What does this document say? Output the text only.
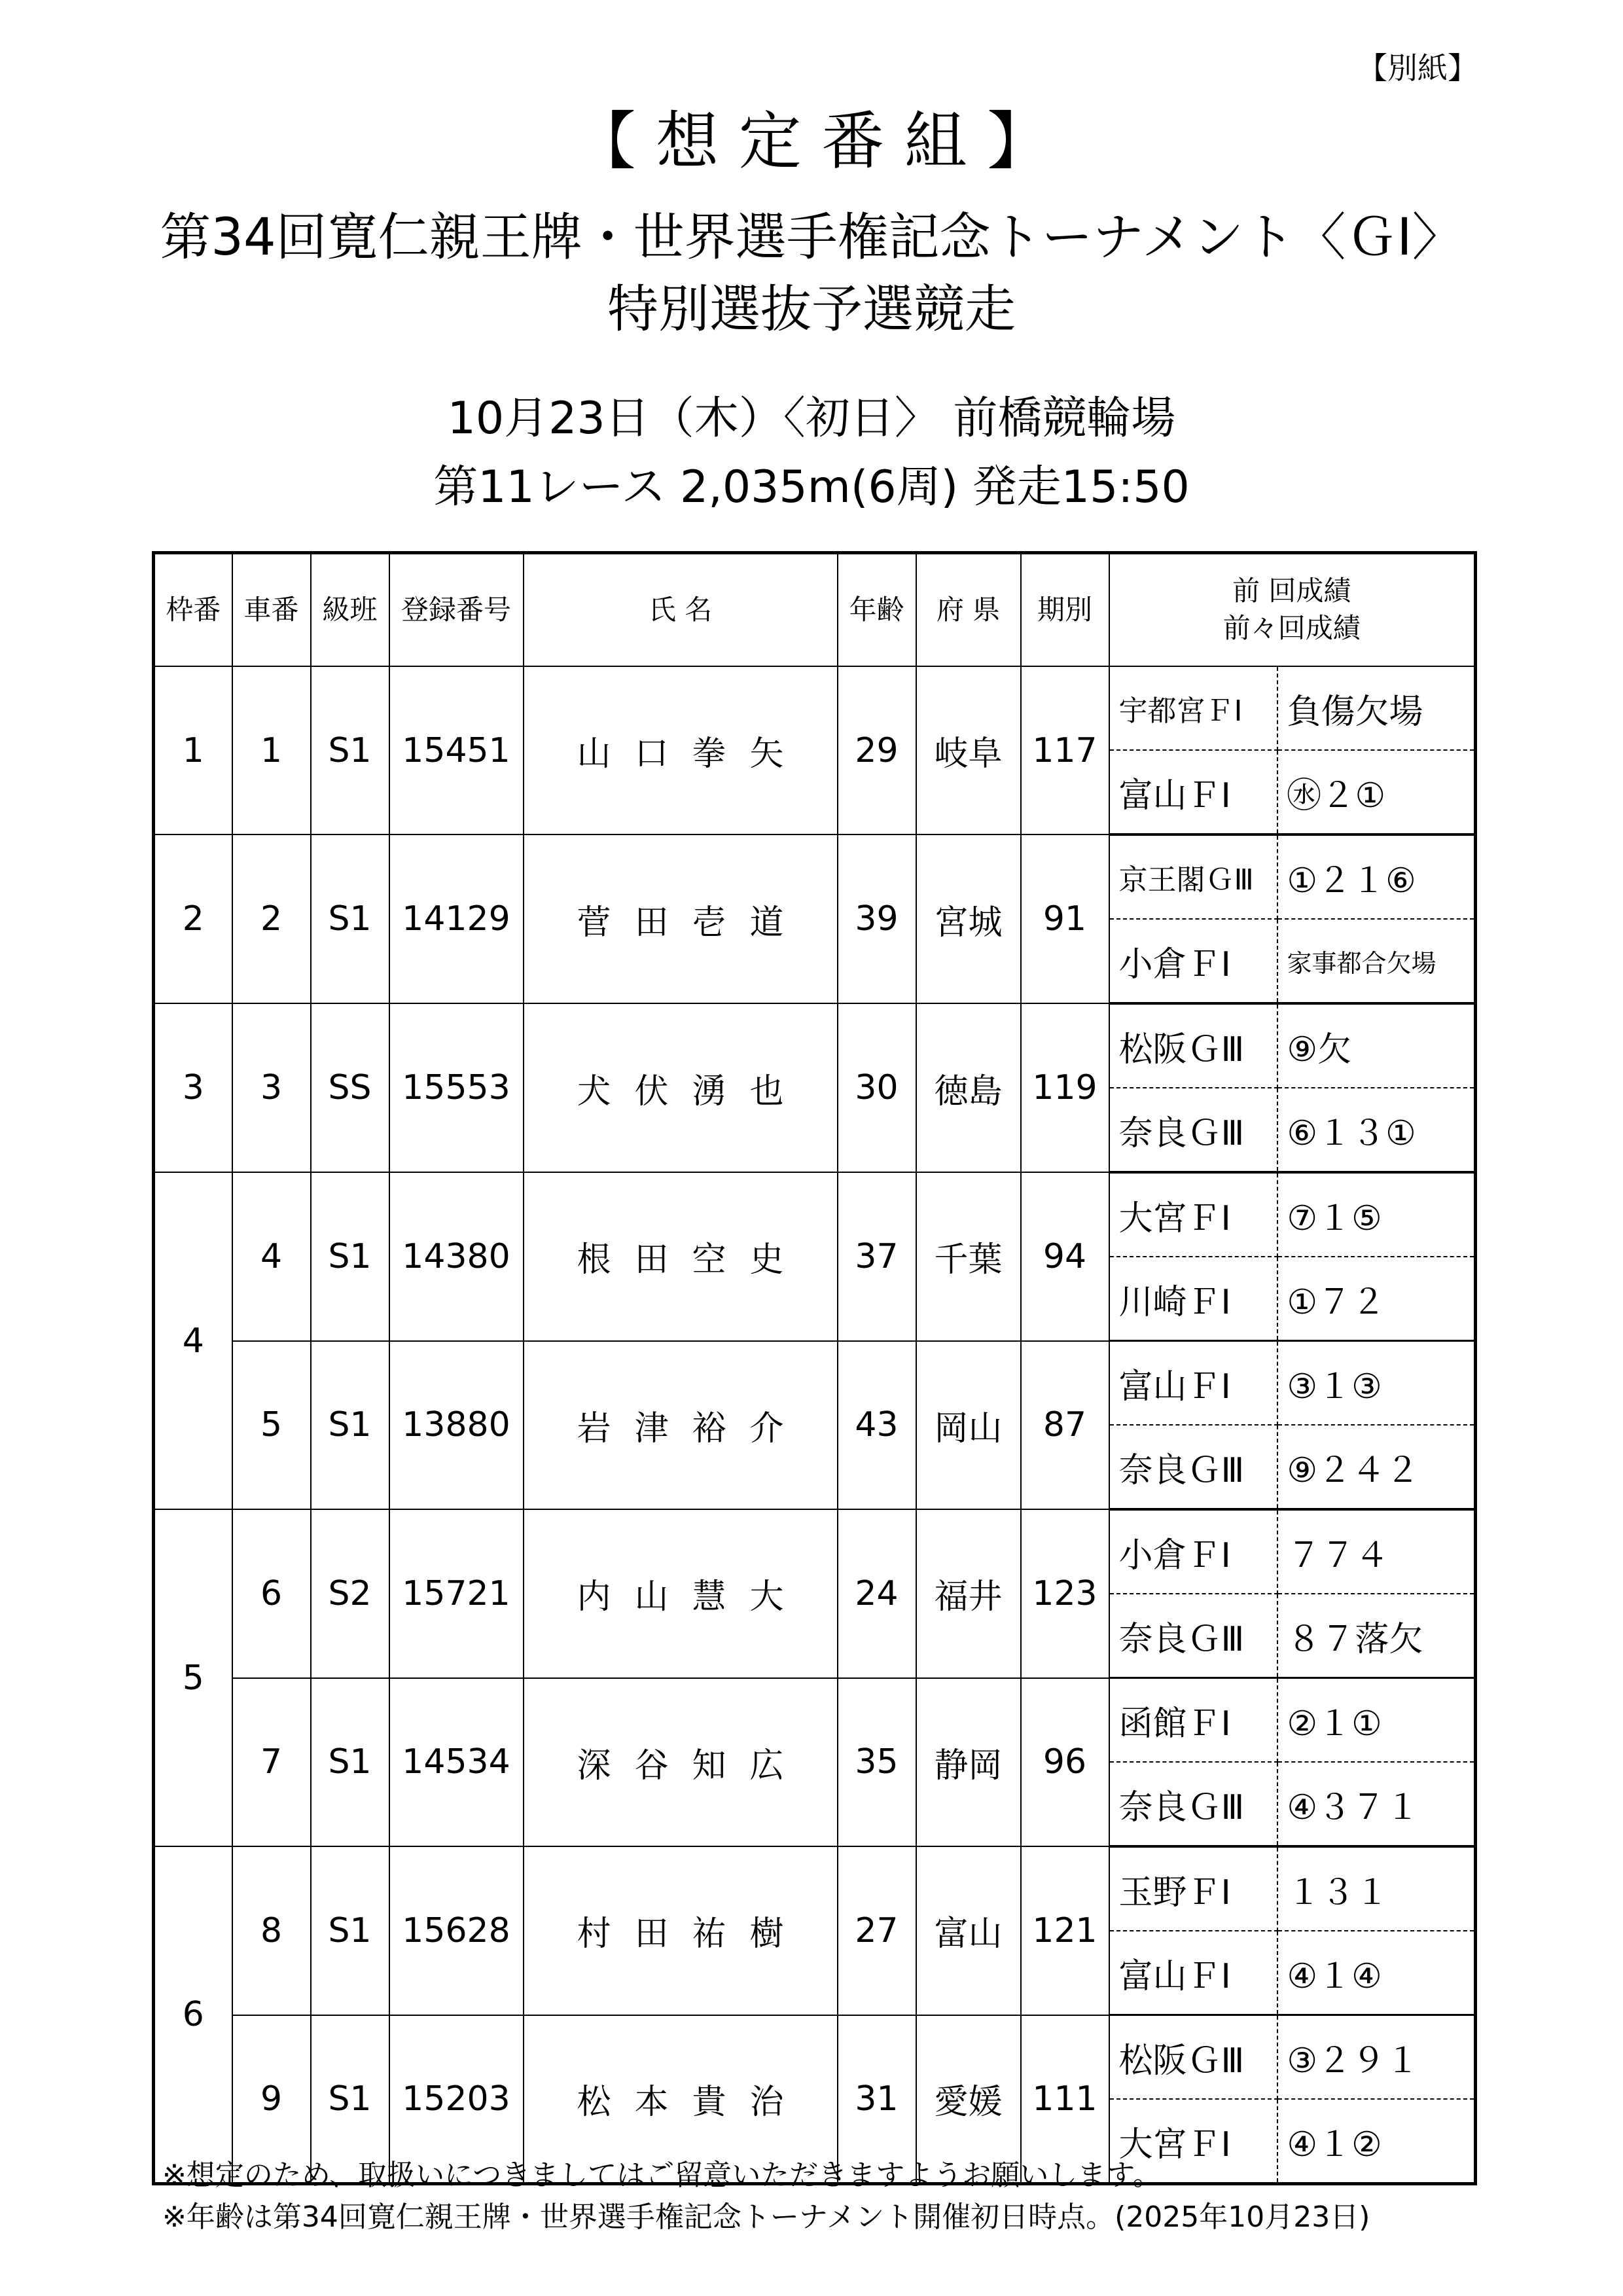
【別紙】
【 想 定 番 組 】
第34回寛仁親王牌・世界選手権記念トーナメント〈ＧⅠ〉
特別選抜予選競走
10月23日（木）〈初日〉 前橋競輪場
第11レース 2,035m(6周) 発走15:50
枠番	車番	級班	登録番号	氏 名	年齢	府 県	期別	前 回成績
前々回成績	

1	1	S1	15451	山口拳矢	29	岐阜	117	宇都宮ＦⅠ	負傷欠場
								富山ＦⅠ	㊌２①
2	2	S1	14129	菅田壱道	39	宮城	91	京王閣ＧⅢ	①２１⑥
								小倉ＦⅠ	家事都合欠場
3	3	SS	15553	犬伏湧也	30	徳島	119	松阪ＧⅢ	⑨欠
								奈良ＧⅢ	⑥１３①
4	4	S1	14380	根田空史	37	千葉	94	大宮ＦⅠ	⑦１⑤
								川崎ＦⅠ	①７２
	5	S1	13880	岩津裕介	43	岡山	87	富山ＦⅠ	③１③
								奈良ＧⅢ	⑨２４２
5	6	S2	15721	内山慧大	24	福井	123	小倉ＦⅠ	７７４
								奈良ＧⅢ	８７落欠
	7	S1	14534	深谷知広	35	静岡	96	函館ＦⅠ	②１①
								奈良ＧⅢ	④３７１
6	8	S1	15628	村田祐樹	27	富山	121	玉野ＦⅠ	１３１
								富山ＦⅠ	④１④
	9	S1	15203	松本貴治	31	愛媛	111	松阪ＧⅢ	③２９１
								大宮ＦⅠ	④１②
※想定のため、取扱いにつきましてはご留意いただきますようお願いします。
※年齢は第34回寛仁親王牌・世界選手権記念トーナメント開催初日時点。(2025年10月23日)
